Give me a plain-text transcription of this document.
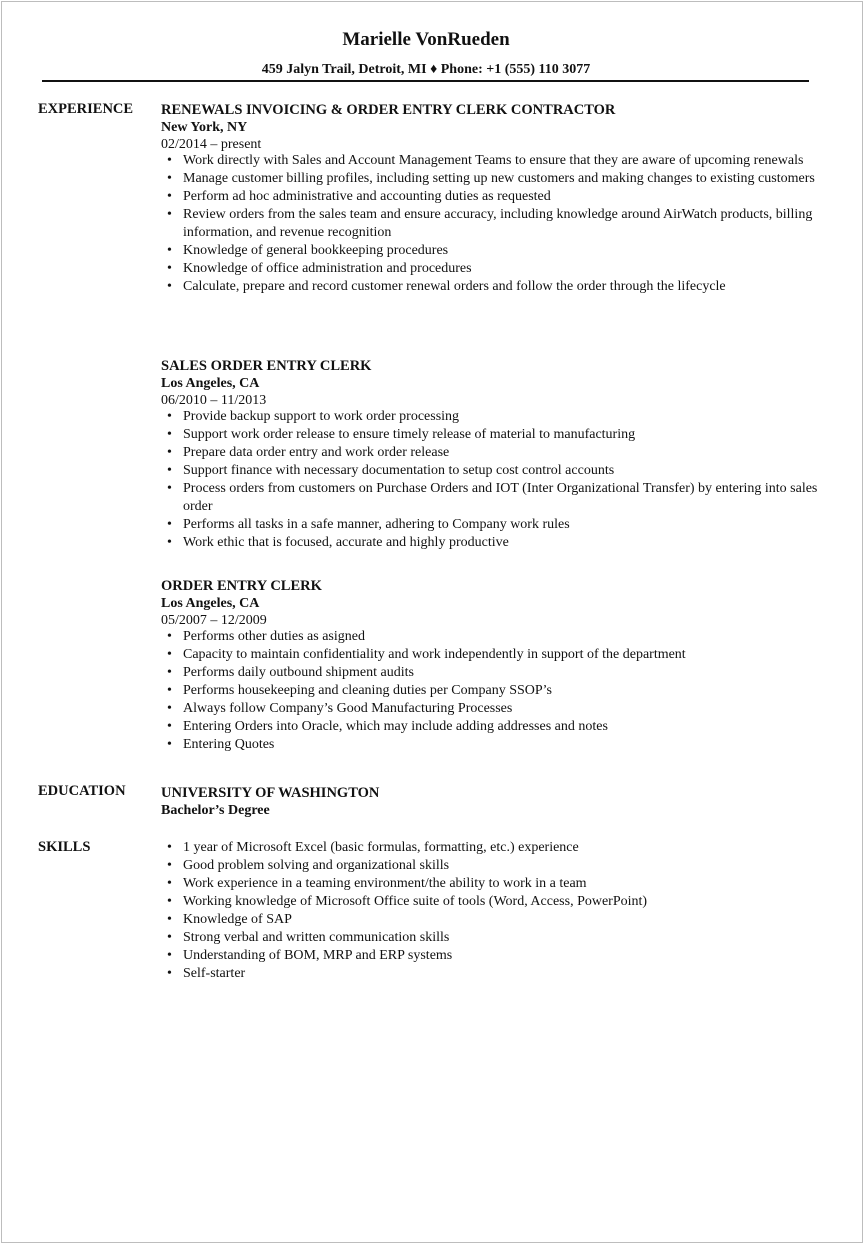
Marielle VonRueden
459 Jalyn Trail, Detroit, MI ♦ Phone: +1 (555) 110 3077
EXPERIENCE RENEWALS INVOICING & ORDER ENTRY CLERK CONTRACTOR
New York, NY
02/2014 – present
• Work directly with Sales and Account Management Teams to ensure that they are aware of upcoming renewals
• Manage customer billing profiles, including setting up new customers and making changes to existing customers
• Perform ad hoc administrative and accounting duties as requested
• Review orders from the sales team and ensure accuracy, including knowledge around AirWatch products, billing information, and revenue recognition
• Knowledge of general bookkeeping procedures
• Knowledge of office administration and procedures
• Calculate, prepare and record customer renewal orders and follow the order through the lifecycle
SALES ORDER ENTRY CLERK
Los Angeles, CA
06/2010 – 11/2013
• Provide backup support to work order processing
• Support work order release to ensure timely release of material to manufacturing
• Prepare data order entry and work order release
• Support finance with necessary documentation to setup cost control accounts
• Process orders from customers on Purchase Orders and IOT (Inter Organizational Transfer) by entering into sales order
• Performs all tasks in a safe manner, adhering to Company work rules
• Work ethic that is focused, accurate and highly productive
ORDER ENTRY CLERK
Los Angeles, CA
05/2007 – 12/2009
• Performs other duties as asigned
• Capacity to maintain confidentiality and work independently in support of the department
• Performs daily outbound shipment audits
• Performs housekeeping and cleaning duties per Company SSOP’s
• Always follow Company’s Good Manufacturing Processes
• Entering Orders into Oracle, which may include adding addresses and notes
• Entering Quotes
EDUCATION UNIVERSITY OF WASHINGTON
Bachelor’s Degree
SKILLS
•	1 year of Microsoft Excel (basic formulas, formatting, etc.) experience
• Good problem solving and organizational skills
• Work experience in a teaming environment/the ability to work in a team
• Working knowledge of Microsoft Office suite of tools (Word, Access, PowerPoint)
• Knowledge of SAP
• Strong verbal and written communication skills
• Understanding of BOM, MRP and ERP systems
• Self-starter
